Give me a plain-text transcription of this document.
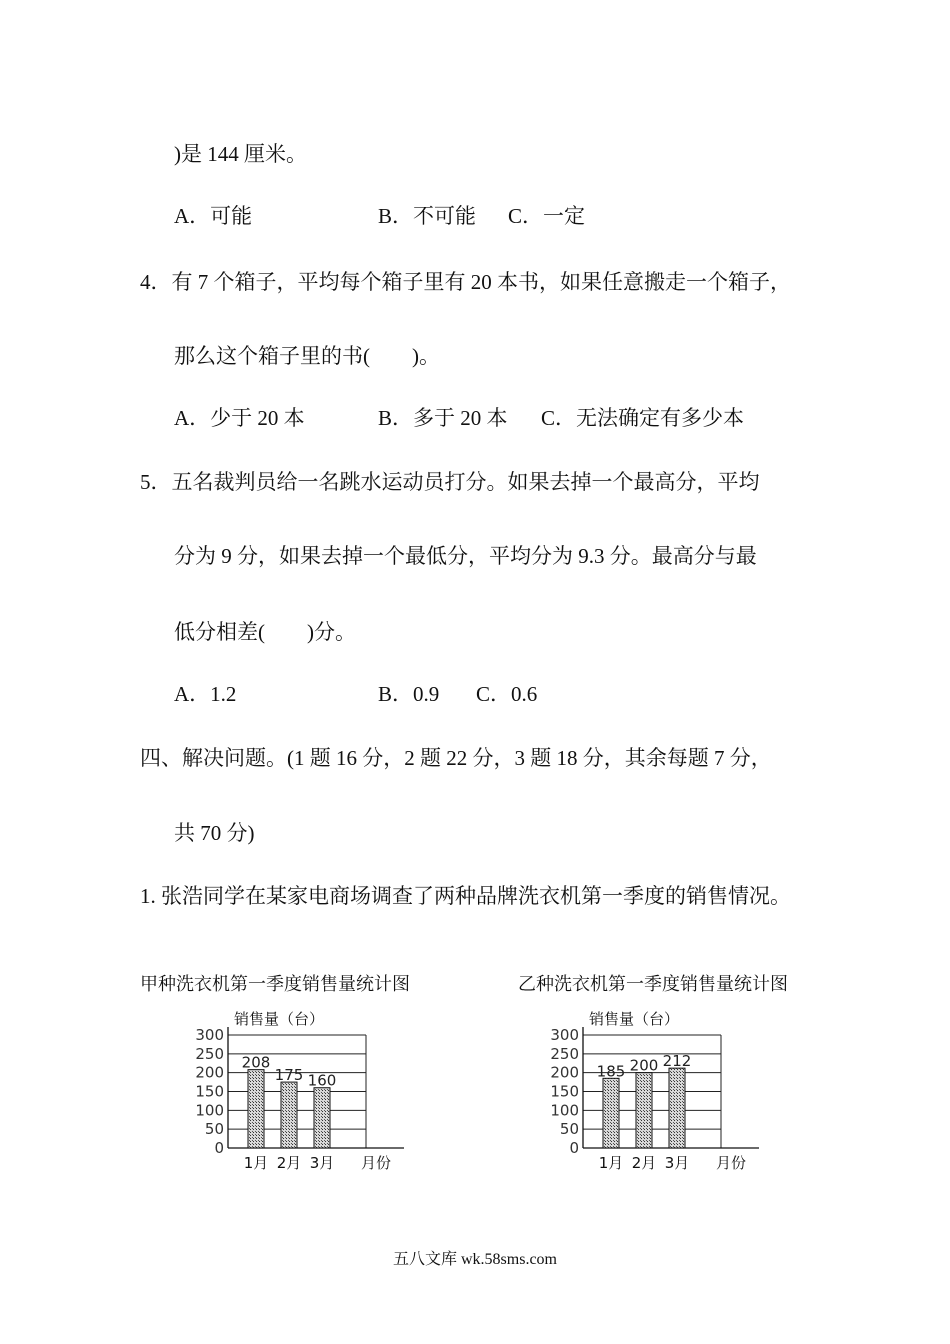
)是 144 厘米。
A．可能	B．不可能 C．一定
4．有 7 个箱子，平均每个箱子里有 20 本书，如果任意搬走一个箱子，
那么这个箱子里的书(　　)。
A．少于 20 本	B．多于 20 本 C．无法确定有多少本
5．五名裁判员给一名跳水运动员打分。如果去掉一个最高分，平均
分为 9 分，如果去掉一个最低分，平均分为 9.3 分。最高分与最
低分相差(　　)分。
A．1.2	B．0.9 C．0.6
四、解决问题。(1 题 16 分，2 题 22 分，3 题 18 分，其余每题 7 分，
共 70 分)
1. 张浩同学在某家电商场调查了两种品牌洗衣机第一季度的销售情况。
甲种洗衣机第一季度销售量统计图	乙种洗衣机第一季度销售量统计图
销售量（台）
0
50
100
150
200
250
300
208
1月
175
2月
160
3月 月份
销售量（台）
0
50
100
150
200
250
300
185
1月
200
2月
212
3月 月份
五八文库 wk.58sms.com
